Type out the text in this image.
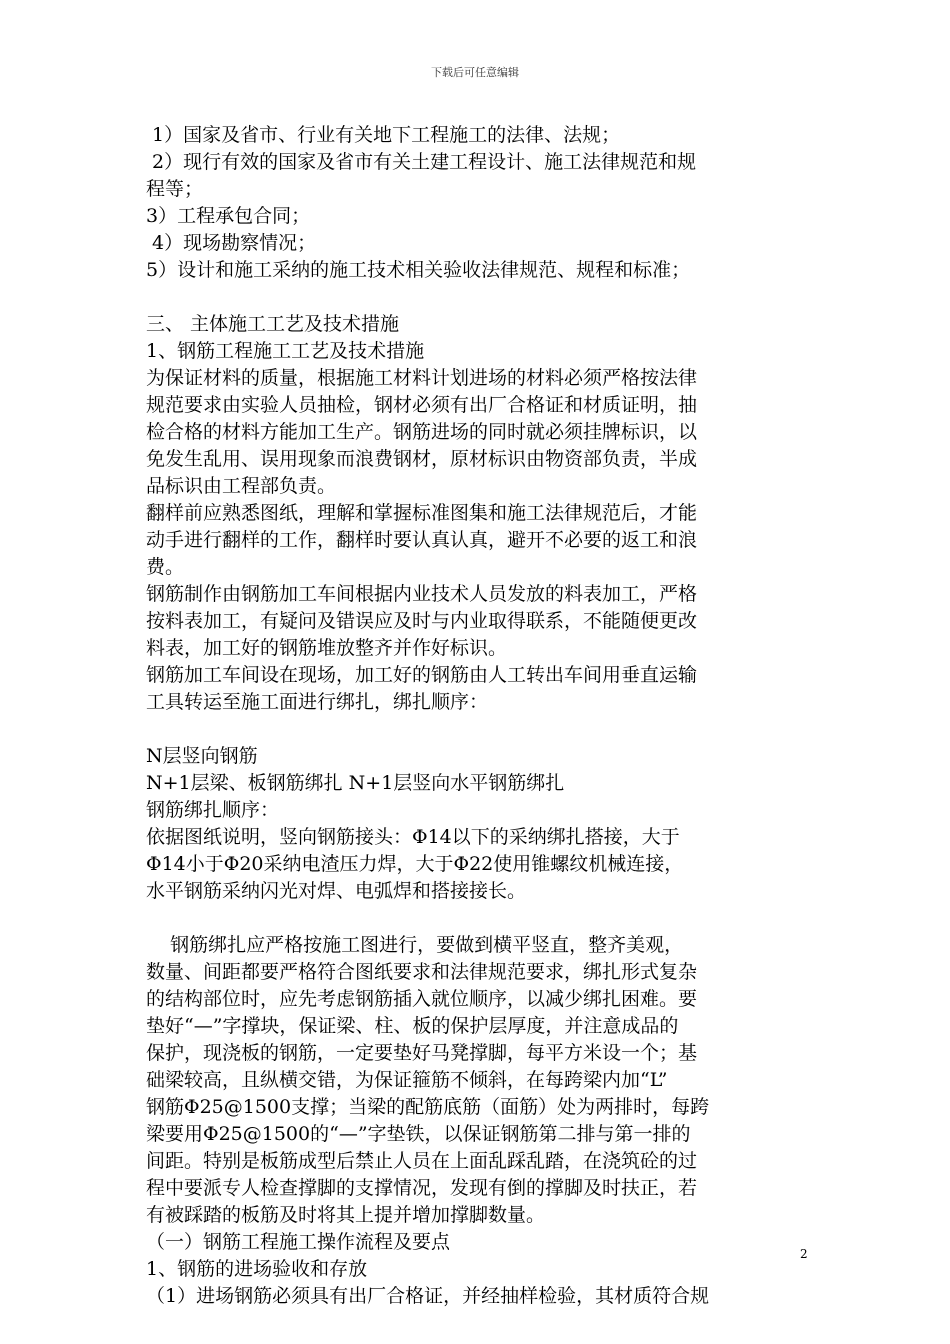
下载后可任意编辑
1）国家及省市、行业有关地下工程施工的法律、法规；
2）现行有效的国家及省市有关土建工程设计、施工法律规范和规
程等；
3）工程承包合同；
4）现场勘察情况；
5）设计和施工采纳的施工技术相关验收法律规范、规程和标准；
三、 主体施工工艺及技术措施
1、钢筋工程施工工艺及技术措施
为保证材料的质量，根据施工材料计划进场的材料必须严格按法律
规范要求由实验人员抽检，钢材必须有出厂合格证和材质证明，抽
检合格的材料方能加工生产。钢筋进场的同时就必须挂牌标识，以
免发生乱用、误用现象而浪费钢材，原材标识由物资部负责，半成
品标识由工程部负责。
翻样前应熟悉图纸，理解和掌握标准图集和施工法律规范后，才能
动手进行翻样的工作，翻样时要认真认真，避开不必要的返工和浪
费。
钢筋制作由钢筋加工车间根据内业技术人员发放的料表加工，严格
按料表加工，有疑问及错误应及时与内业取得联系，不能随便更改
料表，加工好的钢筋堆放整齐并作好标识。
钢筋加工车间设在现场，加工好的钢筋由人工转出车间用垂直运输
工具转运至施工面进行绑扎，绑扎顺序：
N层竖向钢筋
N+1层梁、板钢筋绑扎 N+1层竖向水平钢筋绑扎
钢筋绑扎顺序：
依据图纸说明，竖向钢筋接头：Φ14以下的采纳绑扎搭接，大于
Φ14小于Φ20采纳电渣压力焊，大于Φ22使用锥螺纹机械连接，
水平钢筋采纳闪光对焊、电弧焊和搭接接长。
钢筋绑扎应严格按施工图进行，要做到横平竖直，整齐美观，
数量、间距都要严格符合图纸要求和法律规范要求，绑扎形式复杂
的结构部位时，应先考虑钢筋插入就位顺序，以减少绑扎困难。要
垫好“—”字撑块，保证梁、柱、板的保护层厚度，并注意成品的
保护，现浇板的钢筋，一定要垫好马凳撑脚，每平方米设一个；基
础梁较高，且纵横交错，为保证箍筋不倾斜，在每跨梁内加“L”
钢筋Φ25@1500支撑；当梁的配筋底筋（面筋）处为两排时，每跨
梁要用Φ25@1500的“—”字垫铁，以保证钢筋第二排与第一排的
间距。特别是板筋成型后禁止人员在上面乱踩乱踏，在浇筑砼的过
程中要派专人检查撑脚的支撑情况，发现有倒的撑脚及时扶正，若
有被踩踏的板筋及时将其上提并增加撑脚数量。
（一）钢筋工程施工操作流程及要点
1、钢筋的进场验收和存放
（1）进场钢筋必须具有出厂合格证，并经抽样检验，其材质符合规
2
